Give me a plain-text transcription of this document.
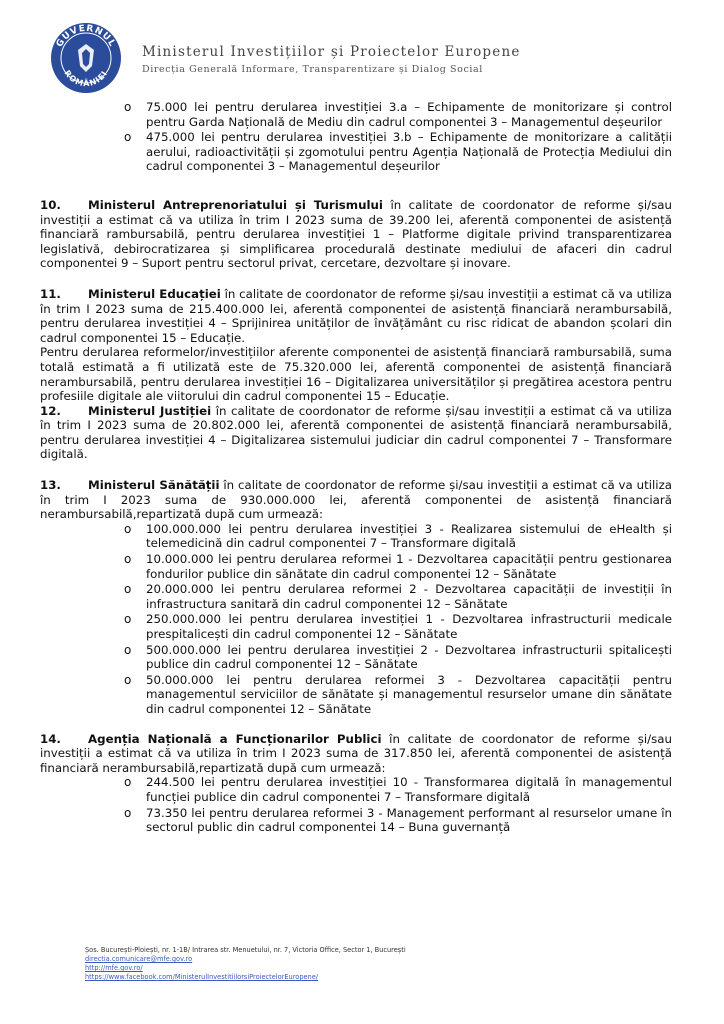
GUVERNUL
ROMÂNIEI
Ministerul Investițiilor și Proiectelor Europene
Direcția Generală Informare, Transparentizare și Dialog Social
o 75.000 lei pentru derularea investiției 3.a – Echipamente de monitorizare și control pentru Garda Națională de Mediu din cadrul componentei 3 – Managementul deșeurilor
o 475.000 lei pentru derularea investiției 3.b – Echipamente de monitorizare a calității aerului, radioactivității și zgomotului pentru Agenția Națională de Protecția Mediului din cadrul componentei 3 – Managementul deșeurilor
10.	Ministerul Antreprenoriatului și Turismului în calitate de coordonator de reforme și/sau investiții a estimat că va utiliza în trim I 2023 suma de 39.200 lei, aferentă componentei de asistență financiară rambursabilă, pentru derularea investiției 1 – Platforme digitale privind transparentizarea legislativă, debirocratizarea și simplificarea procedurală destinate mediului de afaceri din cadrul componentei 9 – Suport pentru sectorul privat, cercetare, dezvoltare și inovare.
11.	Ministerul Educației în calitate de coordonator de reforme și/sau investiții a estimat că va utiliza în trim I 2023 suma de 215.400.000 lei, aferentă componentei de asistență financiară nerambursabilă, pentru derularea investiției 4 – Sprijinirea unităților de învățământ cu risc ridicat de abandon școlari din cadrul componentei 15 – Educație.
Pentru derularea reformelor/investițiilor aferente componentei de asistență financiară rambursabilă, suma totală estimată a fi utilizată este de 75.320.000 lei, aferentă componentei de asistență financiară nerambursabilă, pentru derularea investiției 16 – Digitalizarea universităților și pregătirea acestora pentru profesiile digitale ale viitorului din cadrul componentei 15 – Educație.
12.	Ministerul Justiției în calitate de coordonator de reforme și/sau investiții a estimat că va utiliza în trim I 2023 suma de 20.802.000 lei, aferentă componentei de asistență financiară nerambursabilă, pentru derularea investiției 4 – Digitalizarea sistemului judiciar din cadrul componentei 7 – Transformare digitală.
13.	Ministerul Sănătății în calitate de coordonator de reforme și/sau investiții a estimat că va utiliza în trim I 2023 suma de 930.000.000 lei, aferentă componentei de asistență financiară nerambursabilă,repartizată după cum urmează:
o 100.000.000 lei pentru derularea investiției 3 - Realizarea sistemului de eHealth și telemedicină din cadrul componentei 7 – Transformare digitală
o 10.000.000 lei pentru derularea reformei 1 - Dezvoltarea capacității pentru gestionarea fondurilor publice din sănătate din cadrul componentei 12 – Sănătate
o 20.000.000 lei pentru derularea reformei 2 - Dezvoltarea capacității de investiții în infrastructura sanitară din cadrul componentei 12 – Sănătate
o 250.000.000 lei pentru derularea investiției 1 - Dezvoltarea infrastructurii medicale prespitalicești din cadrul componentei 12 – Sănătate
o 500.000.000 lei pentru derularea investiției 2 - Dezvoltarea infrastructurii spitalicești publice din cadrul componentei 12 – Sănătate
o 50.000.000 lei pentru derularea reformei 3 - Dezvoltarea capacității pentru managementul serviciilor de sănătate și managementul resurselor umane din sănătate din cadrul componentei 12 – Sănătate
14.	Agenția Națională a Funcționarilor Publici în calitate de coordonator de reforme și/sau investiții a estimat că va utiliza în trim I 2023 suma de 317.850 lei, aferentă componentei de asistență financiară nerambursabilă,repartizată după cum urmează:
o 244.500 lei pentru derularea investiției 10 - Transformarea digitală în managementul funcției publice din cadrul componentei 7 – Transformare digitală
o 73.350 lei pentru derularea reformei 3 - Management performant al resurselor umane în sectorul public din cadrul componentei 14 – Buna guvernanță
Șos. București-Ploiești, nr. 1-1B/ Intrarea str. Menuetului, nr. 7, Victoria Office, Sector 1, București
directia.comunicare@mfe.gov.ro
http://mfe.gov.ro/
https://www.facebook.com/MinisterulInvestitiilorsiProiectelorEuropene/
